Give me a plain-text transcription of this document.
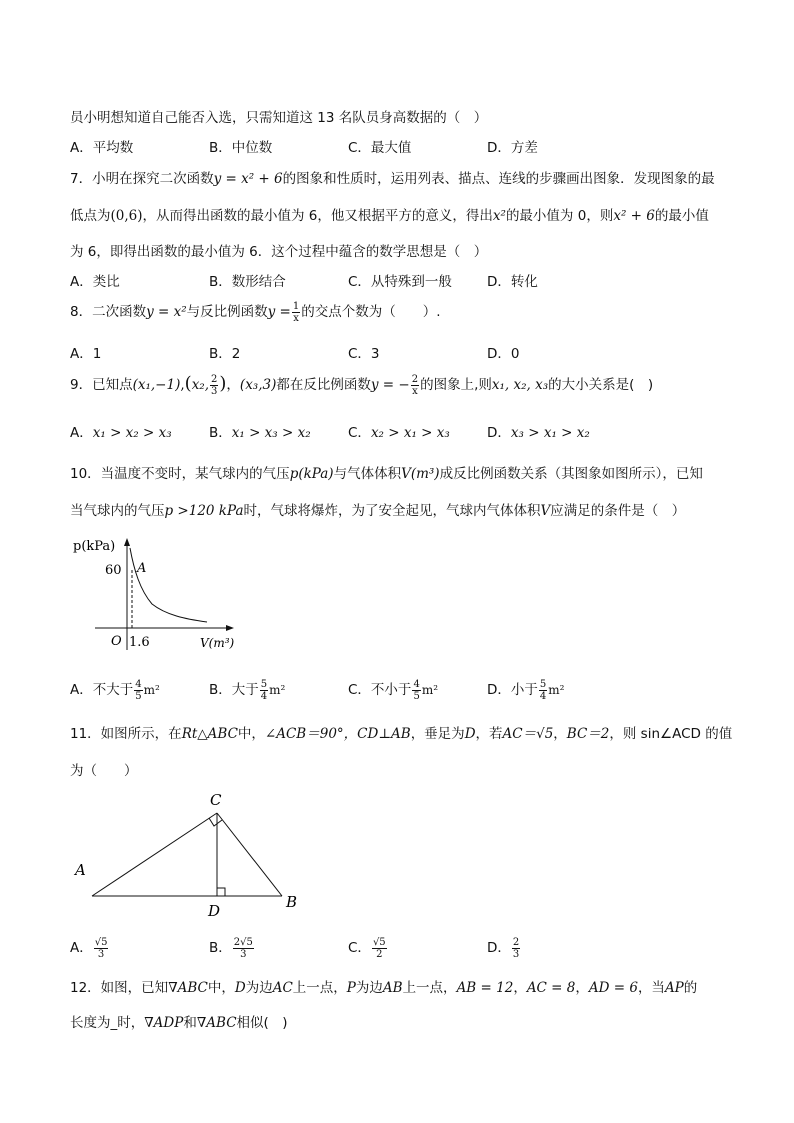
员小明想知道自己能否入选，只需知道这 13 名队员身高数据的（　）
A．平均数	B．中位数	C．最大值	D．方差
7．小明在探究二次函数y = x² + 6的图象和性质时，运用列表、描点、连线的步骤画出图象．发现图象的最
低点为(0,6)，从而得出函数的最小值为 6，他又根据平方的意义，得出x²的最小值为 0，则x² + 6的最小值
为 6，即得出函数的最小值为 6．这个过程中蕴含的数学思想是（　）
A．类比	B．数形结合	C．从特殊到一般	D．转化
8．二次函数y = x²与反比例函数$y = \frac{1}{x}$ 的交点个数为（　　）.
A．1	B．2	C．3	D．0
9．已知点(x₁,−1),(x₂, $\frac{2}{3}$ )，(x₃,3)都在反比例函数y = − $\frac{2}{x}$ 的图象上,则x₁, x₂, x₃的大小关系是(　)
A．x₁ > x₂ > x₃	B．x₁ > x₃ > x₂	C．x₂ > x₁ > x₃	D．x₃ > x₁ > x₂
10．当温度不变时，某气球内的气压p(kPa)与气体体积V(m³)成反比例函数关系（其图象如图所示），已知
当气球内的气压p >120 kPa时，气球将爆炸，为了安全起见，气球内气体体积V应满足的条件是（　）
p(kPa)
60 A
O 1.6	V(m³)
A．不大于 $\frac{4}{5} m^2$	B．大于 $\frac{5}{4} m^2$	C．不小于 $\frac{4}{5} m^2$	D．小于 $\frac{5}{4} m^2$
11．如图所示，在Rt△ABC中，∠ACB＝90°，CD⊥AB，垂足为D，若AC＝√5，BC＝2，则 sin∠ACD 的值
为（　　）
C
A
D	B
A． $\frac{√5}{3}$	B． $\frac{2√5}{3}$	C． $\frac{√5}{2}$	D． $\frac{2}{3}$
12．如图，已知∇ABC中，D为边AC上一点，P为边AB上一点，AB = 12，AC = 8，AD = 6，当AP的
长度为_时，∇ADP和∇ABC相似(　)
